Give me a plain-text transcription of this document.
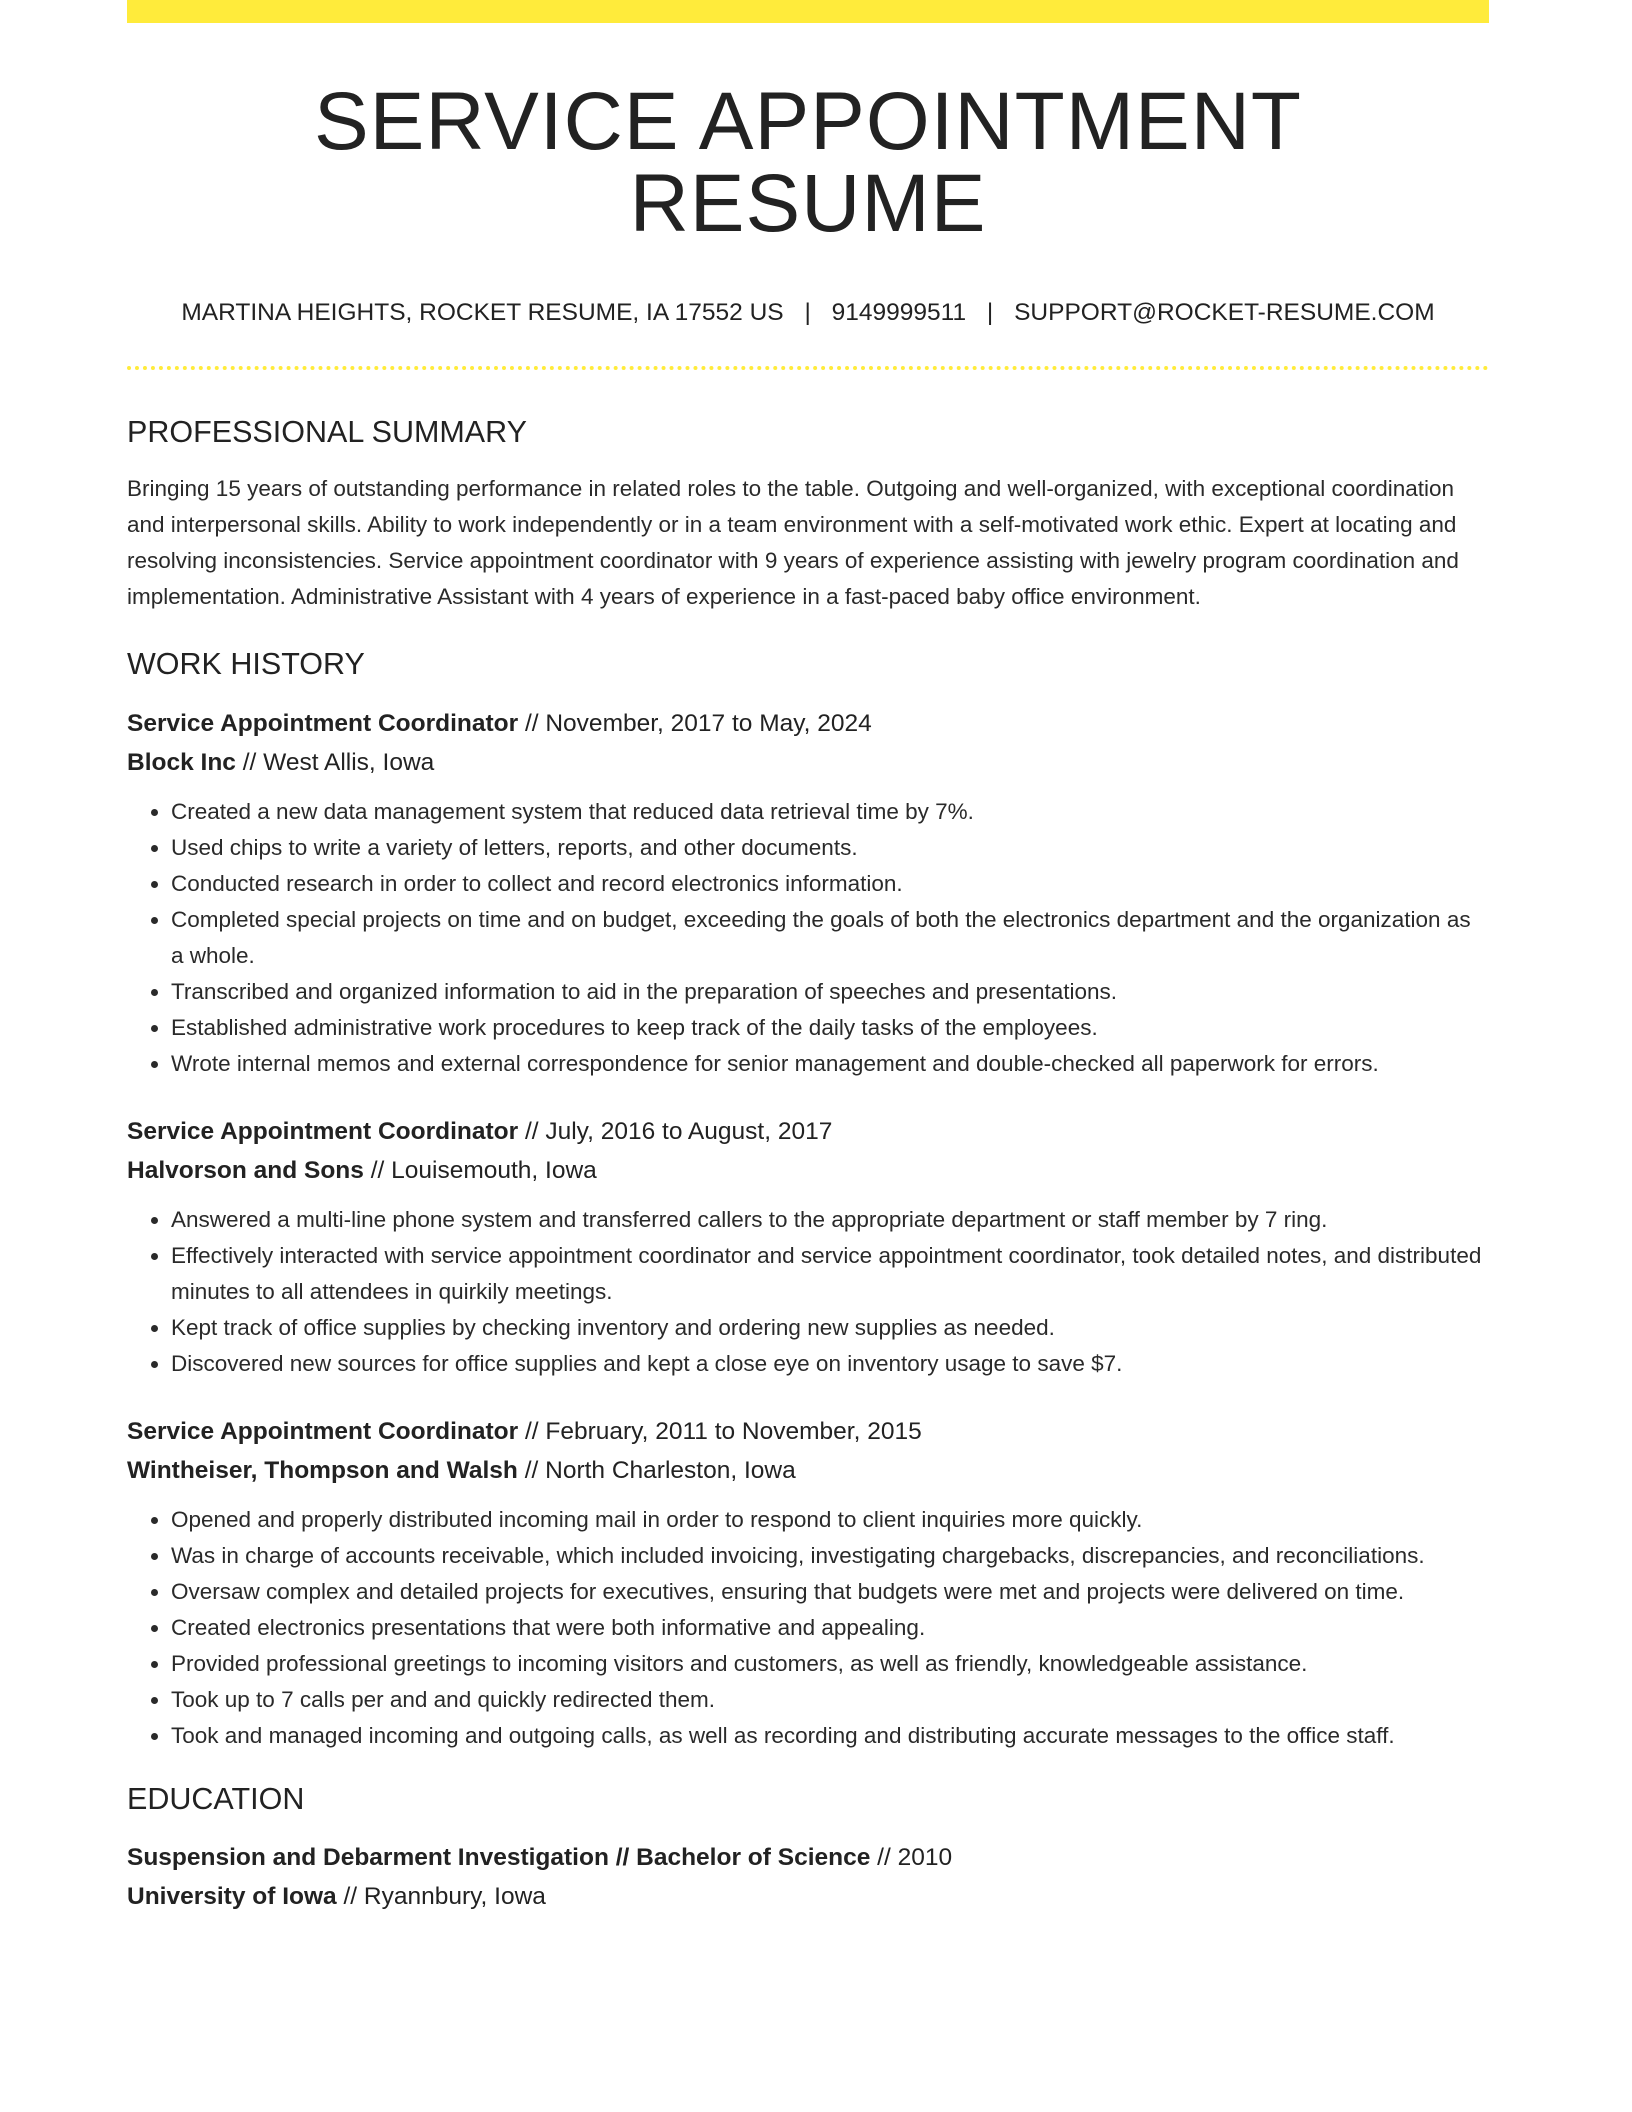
SERVICE APPOINTMENT RESUME
MARTINA HEIGHTS, ROCKET RESUME, IA 17552 US | 9149999511 | SUPPORT@ROCKET-RESUME.COM
PROFESSIONAL SUMMARY

Bringing 15 years of outstanding performance in related roles to the table. Outgoing and well-organized, with exceptional coordination and interpersonal skills. Ability to work independently or in a team environment with a self-motivated work ethic. Expert at locating and resolving inconsistencies. Service appointment coordinator with 9 years of experience assisting with jewelry program coordination and implementation. Administrative Assistant with 4 years of experience in a fast-paced baby office environment.

WORK HISTORY
Service Appointment Coordinator // November, 2017 to May, 2024
Block Inc // West Allis, Iowa
• Created a new data management system that reduced data retrieval time by 7%.
• Used chips to write a variety of letters, reports, and other documents.
• Conducted research in order to collect and record electronics information.
• Completed special projects on time and on budget, exceeding the goals of both the electronics department and the organization as a whole.
• Transcribed and organized information to aid in the preparation of speeches and presentations.
• Established administrative work procedures to keep track of the daily tasks of the employees.
• Wrote internal memos and external correspondence for senior management and double-checked all paperwork for errors.
Service Appointment Coordinator // July, 2016 to August, 2017
Halvorson and Sons // Louisemouth, Iowa
• Answered a multi-line phone system and transferred callers to the appropriate department or staff member by 7 ring.
• Effectively interacted with service appointment coordinator and service appointment coordinator, took detailed notes, and distributed minutes to all attendees in quirkily meetings.
• Kept track of office supplies by checking inventory and ordering new supplies as needed.
• Discovered new sources for office supplies and kept a close eye on inventory usage to save $7.
Service Appointment Coordinator // February, 2011 to November, 2015
Wintheiser, Thompson and Walsh // North Charleston, Iowa
• Opened and properly distributed incoming mail in order to respond to client inquiries more quickly.
• Was in charge of accounts receivable, which included invoicing, investigating chargebacks, discrepancies, and reconciliations.
• Oversaw complex and detailed projects for executives, ensuring that budgets were met and projects were delivered on time.
• Created electronics presentations that were both informative and appealing.
• Provided professional greetings to incoming visitors and customers, as well as friendly, knowledgeable assistance.
• Took up to 7 calls per and and quickly redirected them.
• Took and managed incoming and outgoing calls, as well as recording and distributing accurate messages to the office staff.
EDUCATION
Suspension and Debarment Investigation // Bachelor of Science // 2010
University of Iowa // Ryannbury, Iowa
